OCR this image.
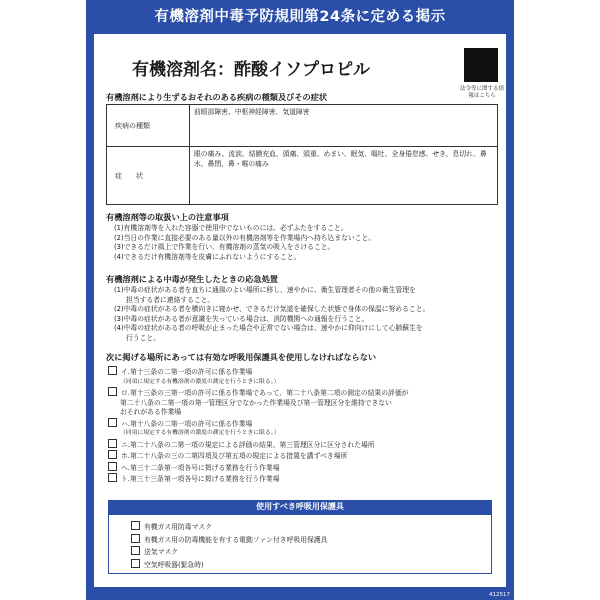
有機溶剤中毒予防規則第24条に定める掲示
有機溶剤名：酢酸イソプロピル
法令等に関する情報はこちら
有機溶剤により生ずるおそれのある疾病の種類及びその症状
疾病の種類	前眼部障害、中枢神経障害、気道障害
症　　状	眼の痛み、流涙、結膜充血、頭痛、頭重、めまい、眠気、嘔吐、全身倦怠感、せき、息切れ、鼻水、鼻閉、鼻・喉の痛み
有機溶剤等の取扱い上の注意事項

(1)有機溶剤等を入れた容器で使用中でないものには、必ずふたをすること。

(2)当日の作業に直接必要のある量以外の有機溶剤等を作業場内へ持ち込まないこと。

(3)できるだけ風上で作業を行い、有機溶剤の蒸気の吸入をさけること。

(4)できるだけ有機溶剤等を皮膚にふれないようにすること。

有機溶剤による中毒が発生したときの応急処置

(1)中毒の症状がある者を直ちに通風のよい場所に移し、速やかに、衛生管理者その他の衛生管理を

担当する者に連絡すること。

(2)中毒の症状がある者を横向きに寝かせ、できるだけ気道を確保した状態で身体の保温に努めること。

(3)中毒の症状がある者が意識を失っている場合は、消防機関への通報を行うこと。

(4)中毒の症状がある者の呼吸が止まった場合や正常でない場合は、速やかに仰向けにして心肺蘇生を

行うこと。

次に掲げる場所にあっては有効な呼吸用保護具を使用しなければならない

イ.第十三条の二第一項の許可に係る作業場

（同項に規定する有機溶剤の濃度の測定を行うときに限る。）

ロ.第十三条の三第一項の許可に係る作業場であって、第二十八条第二項の測定の結果の評価が

第二十八条の二第一項の第一管理区分でなかった作業場及び第一管理区分を維持できない

おそれがある作業場

ハ.第十八条の二第一項の許可に係る作業場

（同項に規定する有機溶剤の濃度の測定を行うときに限る。）

ニ.第二十八条の二第一項の規定による評価の結果、第三管理区分に区分された場所

ホ.第二十八条の三の二第四項及び第五項の規定による措置を講ずべき場所

ヘ.第三十二条第一項各号に掲げる業務を行う作業場

ト.第三十三条第一項各号に掲げる業務を行う作業場

使用すべき呼吸用保護具

有機ガス用防毒マスク

有機ガス用の防毒機能を有する電動ファン付き呼吸用保護具

送気マスク

空気呼吸器(緊急時)

412517
